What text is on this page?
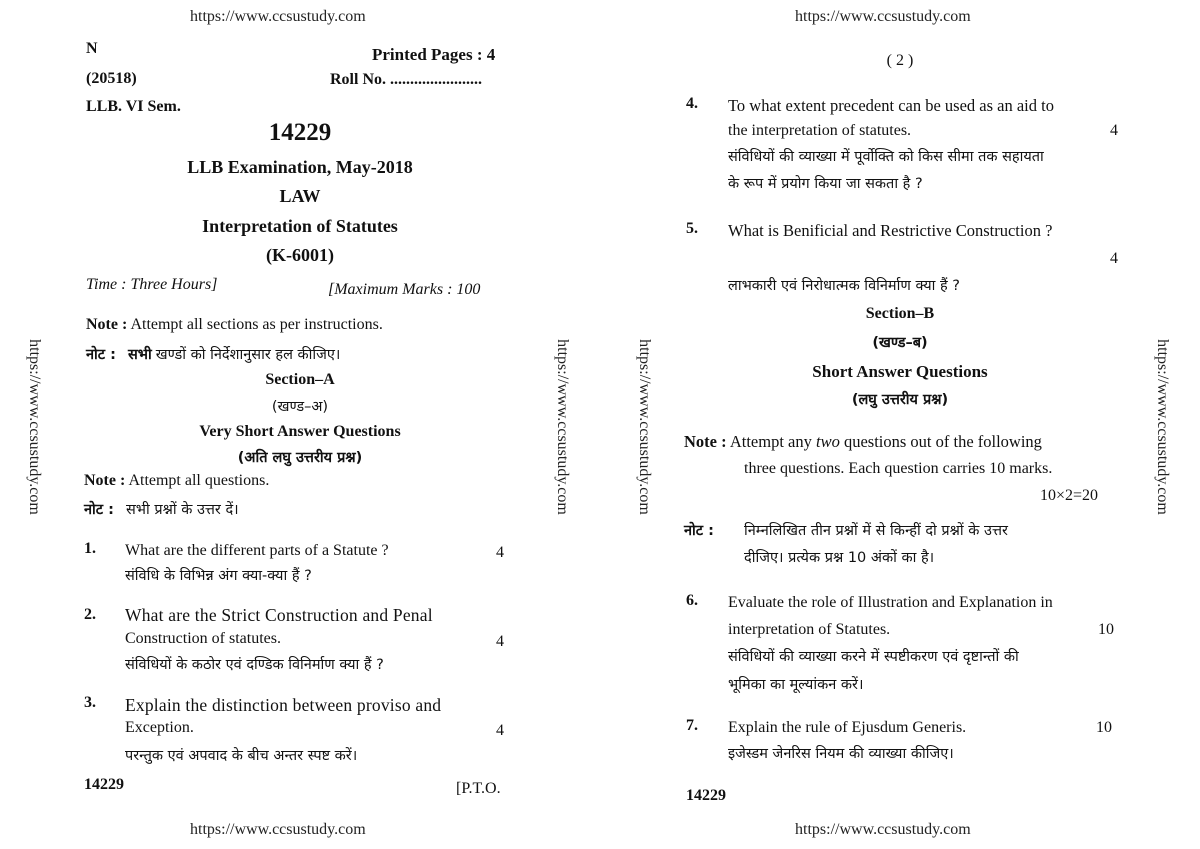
https://www.ccsustudy.com
N	Printed Pages : 4
(20518)	Roll No. .......................
LLB. VI Sem.
14229
LLB Examination, May-2018
LAW
Interpretation of Statutes
(K-6001)
Time : Three Hours]	[Maximum Marks : 100
Note : Attempt all sections as per instructions.
नोट : सभी खण्डों को निर्देशानुसार हल कीजिए।
Section–A
(खण्ड–अ)
Very Short Answer Questions
(अति लघु उत्तरीय प्रश्न)
Note : Attempt all questions.
नोट : सभी प्रश्नों के उत्तर दें।
1. What are the different parts of a Statute ?	4
संविधि के विभिन्न अंग क्या-क्या हैं ?
2. What are the Strict Construction and Penal
Construction of statutes.	4
संविधियों के कठोर एवं दण्डिक विनिर्माण क्या हैं ?
3. Explain the distinction between proviso and
Exception.	4
परन्तुक एवं अपवाद के बीच अन्तर स्पष्ट करें।
14229	[P.T.O.
https://www.ccsustudy.com
https://www.ccsustudy.com	https://www.ccsustudy.com
https://www.ccsustudy.com
( 2 )
4. To what extent precedent can be used as an aid to
the interpretation of statutes.	4
संविधियों की व्याख्या में पूर्वोक्ति को किस सीमा तक सहायता
के रूप में प्रयोग किया जा सकता है ?
5. What is Benificial and Restrictive Construction ?
4
लाभकारी एवं निरोधात्मक विनिर्माण क्या हैं ?
Section–B
(खण्ड–ब)
Short Answer Questions
(लघु उत्तरीय प्रश्न)
Note : Attempt any two questions out of the following
three questions. Each question carries 10 marks.
10×2=20
नोट : निम्नलिखित तीन प्रश्नों में से किन्हीं दो प्रश्नों के उत्तर
दीजिए। प्रत्येक प्रश्न 10 अंकों का है।
6. Evaluate the role of Illustration and Explanation in
interpretation of Statutes.	10
संविधियों की व्याख्या करने में स्पष्टीकरण एवं दृष्टान्तों की
भूमिका का मूल्यांकन करें।
7. Explain the rule of Ejusdum Generis.	10
इजेस्डम जेनरिस नियम की व्याख्या कीजिए।
14229
https://www.ccsustudy.com
https://www.ccsustudy.com	https://www.ccsustudy.com
